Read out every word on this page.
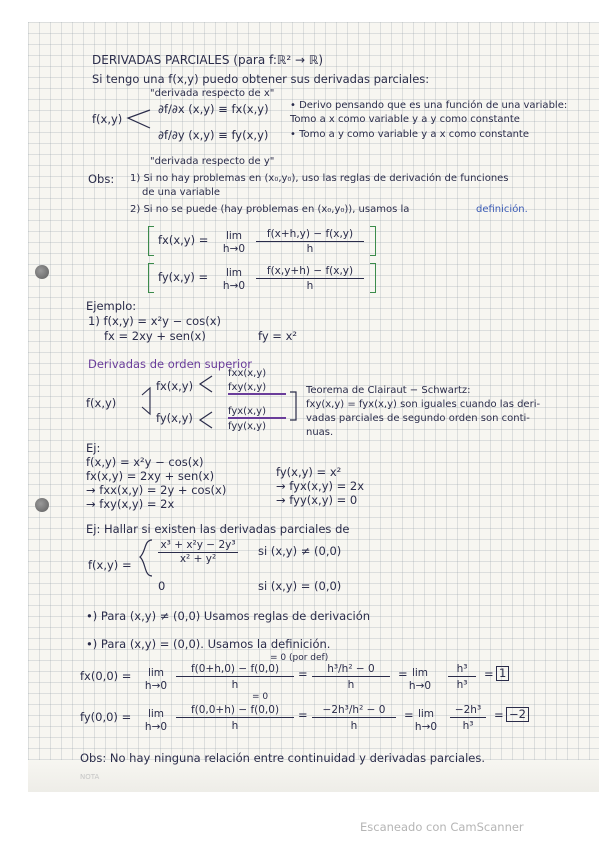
DERIVADAS PARCIALES (para f:ℝ² → ℝ)
Si tengo una f(x,y) puedo obtener sus derivadas parciales:
"derivada respecto de x"
f(x,y)
∂f/∂x (x,y) ≡ fx(x,y)
∂f/∂y (x,y) ≡ fy(x,y)
• Derivo pensando que es una función de una variable:
Tomo a x como variable y a y como constante
• Tomo a y como variable y a x como constante
"derivada respecto de y"
Obs: 1) Si no hay problemas en (x₀,y₀), uso las reglas de derivación de funciones
de una variable
2) Si no se puede (hay problemas en (x₀,y₀)), usamos la	definición.
fx(x,y) =	lim
h→0
f(x+h,y) − f(x,y)
h
fy(x,y) =	lim
h→0
f(x,y+h) − f(x,y)
h
Ejemplo:
1) f(x,y) = x²y − cos(x)
fx = 2xy + sen(x)	fy = x²
Derivadas de orden superior
fxx(x,y)
fxy(x,y)
fyx(x,y)
fyy(x,y)
fx(x,y)
fy(x,y)
f(x,y)
Teorema de Clairaut − Schwartz:
fxy(x,y) = fyx(x,y) son iguales cuando las deri-
vadas parciales de segundo orden son conti-
nuas.
Ej:
f(x,y) = x²y − cos(x)
fx(x,y) = 2xy + sen(x)
→ fxx(x,y) = 2y + cos(x)
→ fxy(x,y) = 2x
fy(x,y) = x²
→ fyx(x,y) = 2x
→ fyy(x,y) = 0
Ej: Hallar si existen las derivadas parciales de
f(x,y) =
x³ + x²y − 2y³
x² + y²
si (x,y) ≠ (0,0)
0	si (x,y) = (0,0)
•) Para (x,y) ≠ (0,0) Usamos reglas de derivación
•) Para (x,y) = (0,0). Usamos la definición.
= 0 (por def)
fx(0,0) =	lim
h→0
f(0+h,0) − f(0,0)
h
=	h³/h² − 0
h
= lim
h→0
h³
h³
= 1
= 0
fy(0,0) =	lim
h→0
f(0,0+h) − f(0,0)
h
=	−2h³/h² − 0
h
= lim
h→0
−2h³
h³
= −2
Obs: No hay ninguna relación entre continuidad y derivadas parciales.
NOTA
Escaneado con CamScanner
